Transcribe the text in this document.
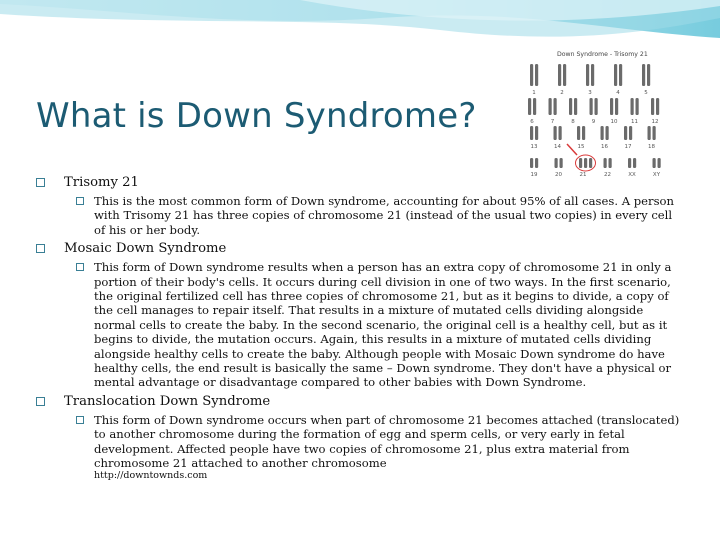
What is Down Syndrome?
Down Syndrome - Trisomy 21
1	2	3	4	5
6	7	8	9	10 11 12
13	14	15	16	17	18
19	20	21	22	XX	XY
Trisomy 21
This is the most common form of Down syndrome, accounting for about 95% of all cases. A person with Trisomy 21 has three copies of chromosome 21 (instead of the usual two copies) in every cell of his or her body.
Mosaic Down Syndrome
This form of Down syndrome results when a person has an extra copy of chromosome 21 in only a portion of their body's cells. It occurs during cell division in one of two ways. In the first scenario, the original fertilized cell has three copies of chromosome 21, but as it begins to divide, a copy of the cell manages to repair itself. That results in a mixture of mutated cells dividing alongside normal cells to create the baby. In the second scenario, the original cell is a healthy cell, but as it begins to divide, the mutation occurs. Again, this results in a mixture of mutated cells dividing alongside healthy cells to create the baby. Although people with Mosaic Down syndrome do have healthy cells, the end result is basically the same – Down syndrome. They don't have a physical or mental advantage or disadvantage compared to other babies with Down Syndrome.
Translocation Down Syndrome
This form of Down syndrome occurs when part of chromosome 21 becomes attached (translocated) to another chromosome during the formation of egg and sperm cells, or very early in fetal development. Affected people have two copies of chromosome 21, plus extra material from chromosome 21 attached to another chromosome
http://downtownds.com
